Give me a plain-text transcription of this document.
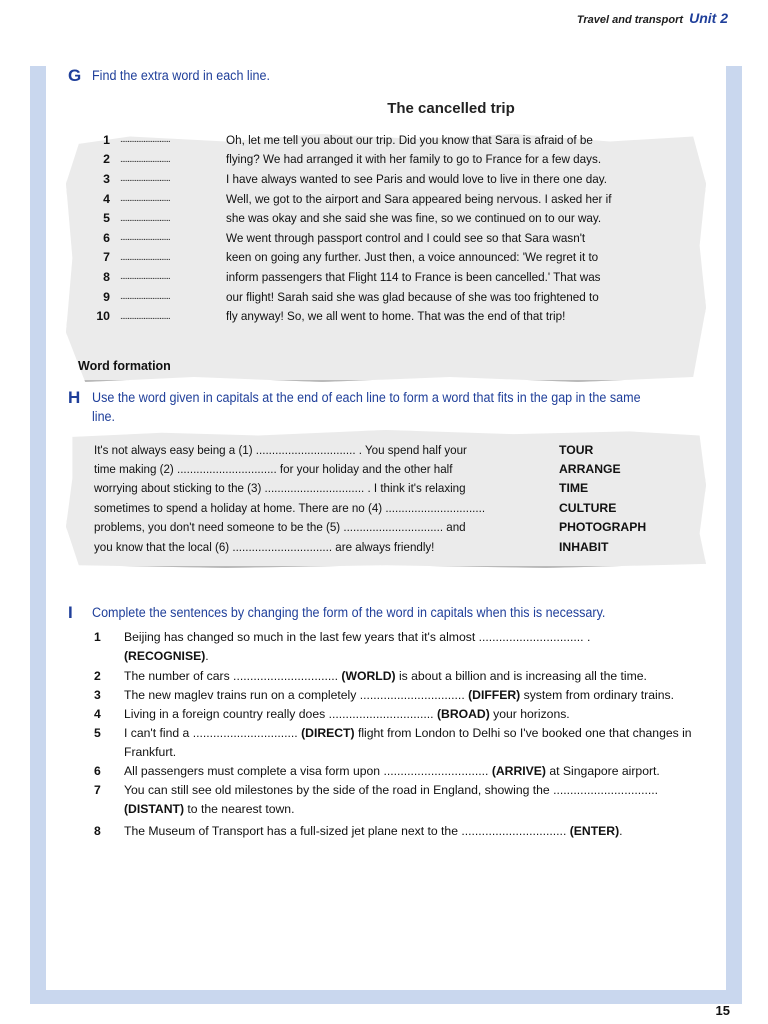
Travel and transport Unit 2
G Find the extra word in each line.
The cancelled trip
1 ............................	Oh, let me tell you about our trip. Did you know that Sara is afraid of be
2 ............................	flying? We had arranged it with her family to go to France for a few days.
3 ............................	I have always wanted to see Paris and would love to live in there one day.
4 ............................	Well, we got to the airport and Sara appeared being nervous. I asked her if
5 ............................	she was okay and she said she was fine, so we continued on to our way.
6 ............................	We went through passport control and I could see so that Sara wasn't
7 ............................	keen on going any further. Just then, a voice announced: 'We regret it to
8 ............................	inform passengers that Flight 114 to France is been cancelled.' That was
9 ............................	our flight! Sarah said she was glad because of she was too frightened to
10 ............................	fly anyway! So, we all went to home. That was the end of that trip!
Word formation
H Use the word given in capitals at the end of each line to form a word that fits in the gap in the same line.
It's not always easy being a (1) ............................... . You spend half your	TOUR
time making (2) ............................... for your holiday and the other half	ARRANGE
worrying about sticking to the (3) ............................... . I think it's relaxing	TIME
sometimes to spend a holiday at home. There are no (4) ...............................	CULTURE
problems, you don't need someone to be the (5) ............................... and	PHOTOGRAPH
you know that the local (6) ............................... are always friendly!	INHABIT
I	Complete the sentences by changing the form of the word in capitals when this is necessary.
1	Beijing has changed so much in the last few years that it's almost ............................... .
(RECOGNISE).
2	The number of cars ............................... (WORLD) is about a billion and is increasing all the time.
3	The new maglev trains run on a completely ............................... (DIFFER) system from ordinary trains.
4	Living in a foreign country really does ............................... (BROAD) your horizons.
5	I can't find a ............................... (DIRECT) flight from London to Delhi so I've booked one that changes in Frankfurt.
6	All passengers must complete a visa form upon ............................... (ARRIVE) at Singapore airport.
7	You can still see old milestones by the side of the road in England, showing the ............................... (DISTANT) to the nearest town.
8	The Museum of Transport has a full-sized jet plane next to the ............................... (ENTER).
15
